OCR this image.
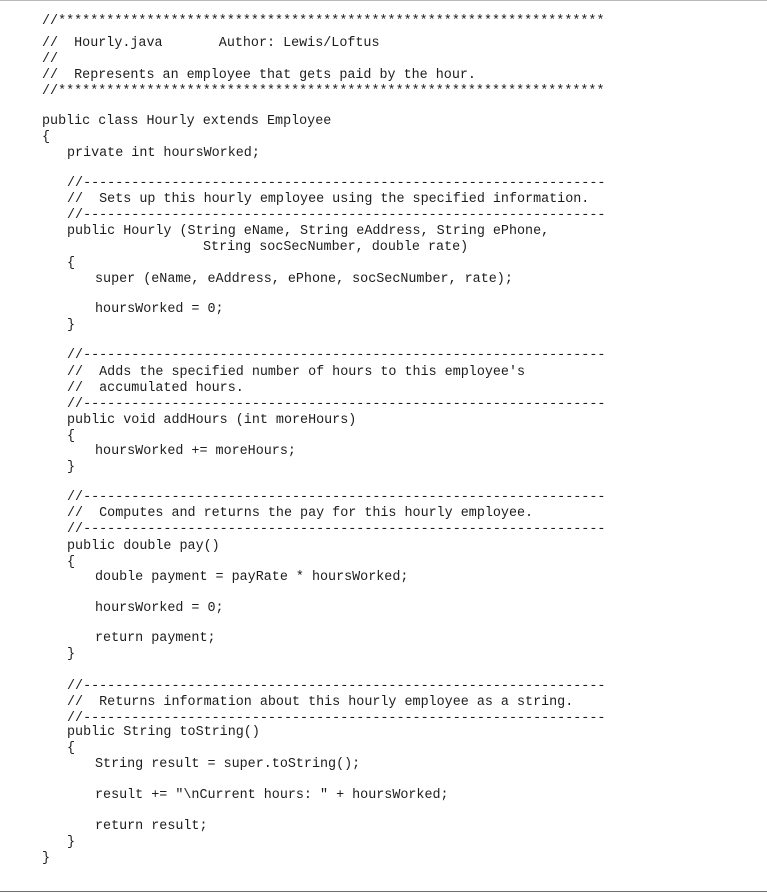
//********************************************************************
//  Hourly.java       Author: Lewis/Loftus
//
//  Represents an employee that gets paid by the hour.
//********************************************************************
public class Hourly extends Employee
{
private int hoursWorked;
//-----------------------------------------------------------------
//  Sets up this hourly employee using the specified information.
//-----------------------------------------------------------------
public Hourly (String eName, String eAddress, String ePhone,
String socSecNumber, double rate)
{
super (eName, eAddress, ePhone, socSecNumber, rate);
hoursWorked = 0;
}
//-----------------------------------------------------------------
//  Adds the specified number of hours to this employee's
//  accumulated hours.
//-----------------------------------------------------------------
public void addHours (int moreHours)
{
hoursWorked += moreHours;
}
//-----------------------------------------------------------------
//  Computes and returns the pay for this hourly employee.
//-----------------------------------------------------------------
public double pay()
{
double payment = payRate * hoursWorked;
hoursWorked = 0;
return payment;
}
//-----------------------------------------------------------------
//  Returns information about this hourly employee as a string.
//-----------------------------------------------------------------
public String toString()
{
String result = super.toString();
result += "\nCurrent hours: " + hoursWorked;
return result;
}
}
